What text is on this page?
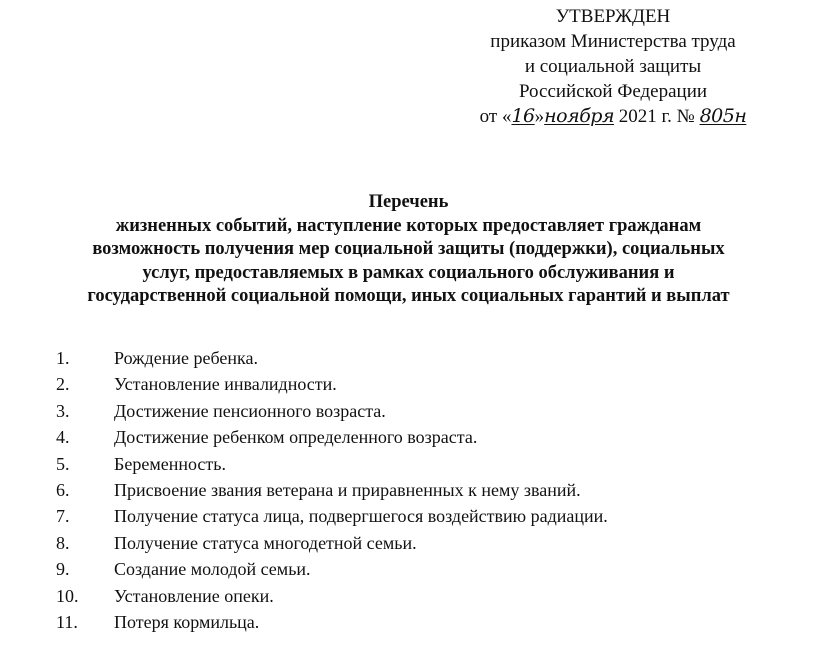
УТВЕРЖДЕН
приказом Министерства труда
и социальной защиты
Российской Федерации
от «16»ноября 2021 г. № 805н
Перечень
жизненных событий, наступление которых предоставляет гражданам
возможность получения мер социальной защиты (поддержки), социальных
услуг, предоставляемых в рамках социального обслуживания и
государственной социальной помощи, иных социальных гарантий и выплат
1. Рождение ребенка.
2. Установление инвалидности.
3. Достижение пенсионного возраста.
4. Достижение ребенком определенного возраста.
5. Беременность.
6. Присвоение звания ветерана и приравненных к нему званий.
7. Получение статуса лица, подвергшегося воздействию радиации.
8. Получение статуса многодетной семьи.
9. Создание молодой семьи.
10. Установление опеки.
11. Потеря кормильца.
